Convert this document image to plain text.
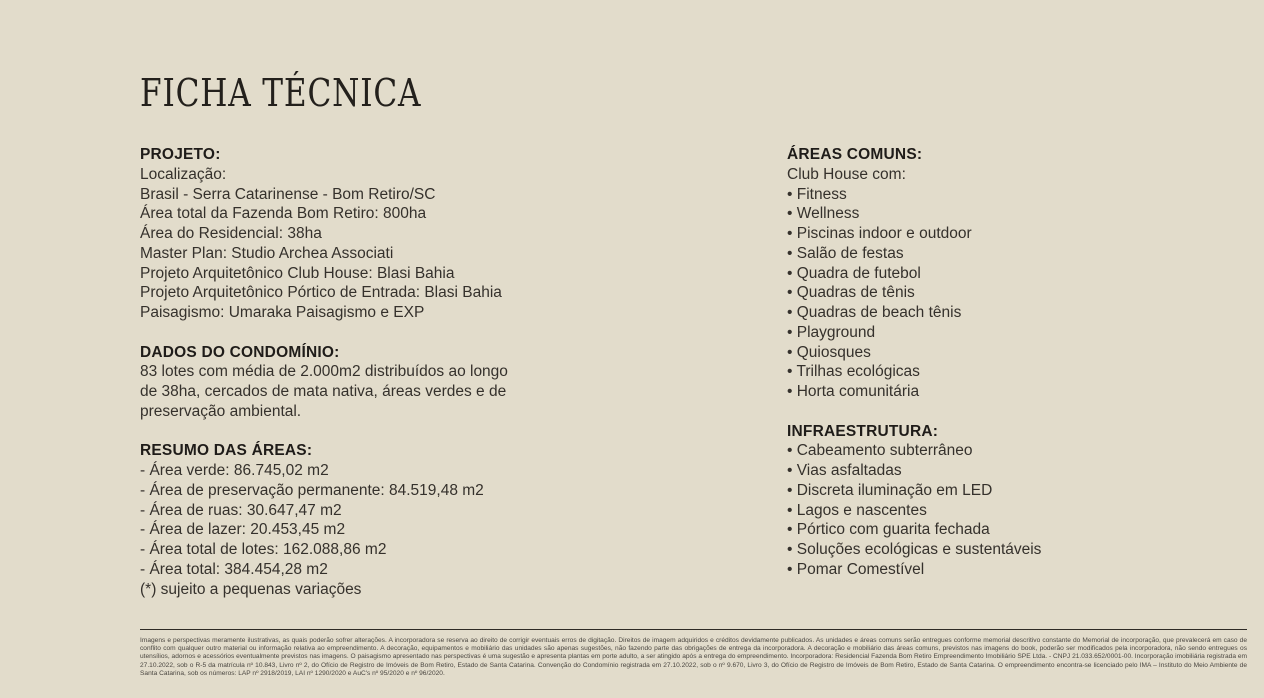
FICHA TÉCNICA
PROJETO:
Localização:
Brasil - Serra Catarinense - Bom Retiro/SC
Área total da Fazenda Bom Retiro: 800ha
Área do Residencial: 38ha
Master Plan: Studio Archea Associati
Projeto Arquitetônico Club House: Blasi Bahia
Projeto Arquitetônico Pórtico de Entrada: Blasi Bahia
Paisagismo: Umaraka Paisagismo e EXP
DADOS DO CONDOMÍNIO:
83 lotes com média de 2.000m2 distribuídos ao longo
de 38ha, cercados de mata nativa, áreas verdes e de
preservação ambiental.
RESUMO DAS ÁREAS:
- Área verde: 86.745,02 m2
- Área de preservação permanente: 84.519,48 m2
- Área de ruas: 30.647,47 m2
- Área de lazer: 20.453,45 m2
- Área total de lotes: 162.088,86 m2
- Área total: 384.454,28 m2
(*) sujeito a pequenas variações
ÁREAS COMUNS:
Club House com:
• Fitness
• Wellness
• Piscinas indoor e outdoor
• Salão de festas
• Quadra de futebol
• Quadras de tênis
• Quadras de beach tênis
• Playground
• Quiosques
• Trilhas ecológicas
• Horta comunitária
INFRAESTRUTURA:
• Cabeamento subterrâneo
• Vias asfaltadas
• Discreta iluminação em LED
• Lagos e nascentes
• Pórtico com guarita fechada
• Soluções ecológicas e sustentáveis
• Pomar Comestível
Imagens e perspectivas meramente ilustrativas, as quais poderão sofrer alterações. A incorporadora se reserva ao direito de corrigir eventuais erros de digitação. Direitos de imagem adquiridos e créditos devidamente publicados. As unidades e áreas comuns serão entregues conforme memorial descritivo constante do Memorial de incorporação, que prevalecerá em caso de conflito com qualquer outro material ou informação relativa ao empreendimento. A decoração, equipamentos e mobiliário das unidades são apenas sugestões, não fazendo parte das obrigações de entrega da incorporadora. A decoração e mobiliário das áreas comuns, previstos nas imagens do book, poderão ser modificados pela incorporadora, não sendo entregues os utensílios, adornos e acessórios eventualmente previstos nas imagens. O paisagismo apresentado nas perspectivas é uma sugestão e apresenta plantas em porte adulto, a ser atingido após a entrega do empreendimento. Incorporadora: Residencial Fazenda Bom Retiro Empreendimento Imobiliário SPE Ltda. - CNPJ 21.033.652/0001-00. Incorporação imobiliária registrada em 27.10.2022, sob o R-5 da matrícula nº 10.843, Livro nº 2, do Ofício de Registro de Imóveis de Bom Retiro, Estado de Santa Catarina. Convenção do Condomínio registrada em 27.10.2022, sob o nº 9.670, Livro 3, do Ofício de Registro de Imóveis de Bom Retiro, Estado de Santa Catarina. O empreendimento encontra-se licenciado pelo IMA – Instituto do Meio Ambiente de Santa Catarina, sob os números: LAP nº 2918/2019, LAI nº 1290/2020 e AuC's nº 95/2020 e nº 96/2020.
